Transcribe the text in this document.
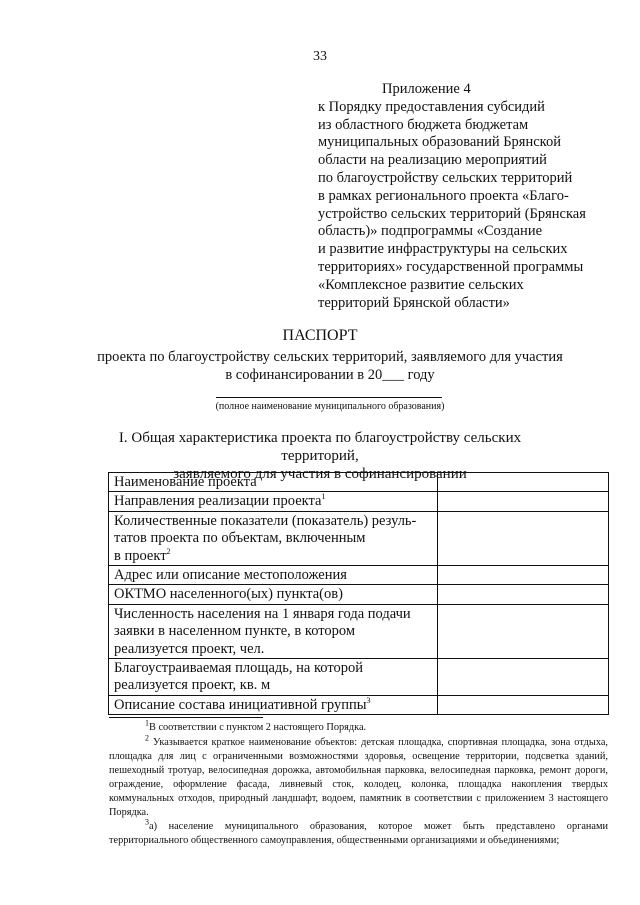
33
Приложение 4
к Порядку предоставления субсидий
из областного бюджета бюджетам
муниципальных образований Брянской
области на реализацию мероприятий
по благоустройству сельских территорий
в рамках регионального проекта «Благо-
устройство сельских территорий (Брянская
область)» подпрограммы «Создание
и развитие инфраструктуры на сельских
территориях» государственной программы
«Комплексное развитие сельских
территорий Брянской области»
ПАСПОРТ
проекта по благоустройству сельских территорий, заявляемого для участия
в софинансировании в 20___ году
(полное наименование муниципального образования)
I. Общая характеристика проекта по благоустройству сельских территорий,
заявляемого для участия в софинансировании
Наименование проекта	
Направления реализации проекта$^1$	
Количественные показатели (показатель) резуль-
татов проекта по объектам, включенным
в проект$^2$	
Адрес или описание местоположения	
ОКТМО населенного(ых) пункта(ов)	
Численность населения на 1 января года подачи
заявки в населенном пункте, в котором
реализуется проект, чел.	
Благоустраиваемая площадь, на которой
реализуется проект, кв. м	
Описание состава инициативной группы$^3$	
$^1$В соответствии с пунктом 2 настоящего Порядка.
$^2$ Указывается краткое наименование объектов: детская площадка, спортивная площадка, зона отдыха, площадка для лиц с ограниченными возможностями здоровья, освещение территории, подсветка зданий, пешеходный тротуар, велосипедная дорожка, автомобильная парковка, велосипедная парковка, ремонт дороги, ограждение, оформление фасада, ливневый сток, колодец, колонка, площадка накопления твердых коммунальных отходов, природный ландшафт, водоем, памятник в соответствии с приложением 3 настоящего Порядка.
$^3$а) население муниципального образования, которое может быть представлено органами территориального общественного самоуправления, общественными организациями и объединениями;
